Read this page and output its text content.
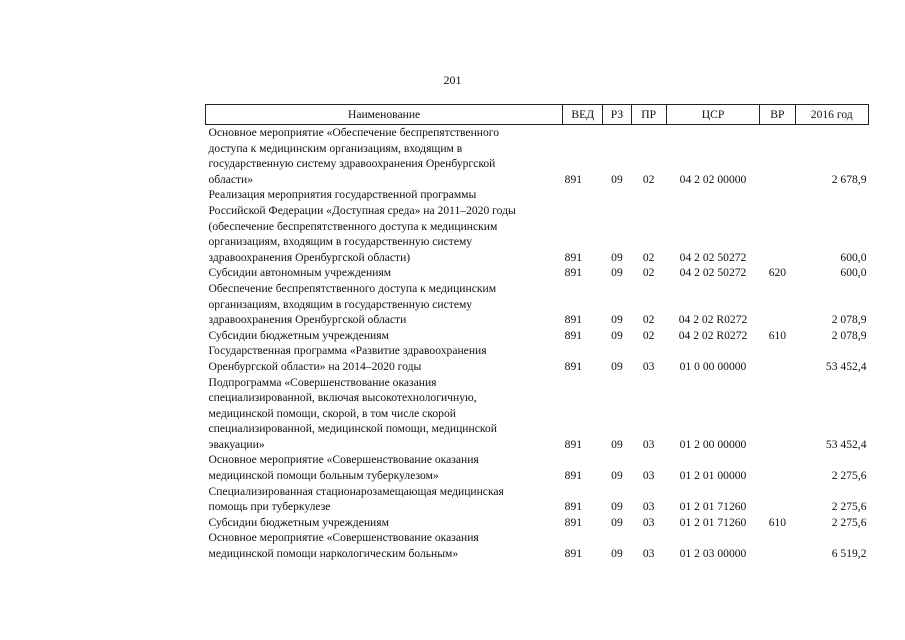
201
Наименование	ВЕД	РЗ	ПР	ЦСР	ВР	2016 год

Основное мероприятие «Обеспечение беспрепятственного
доступа к медицинским организациям, входящим в
государственную систему здравоохранения Оренбургской
области»	891	09	02	04 2 02 00000		2 678,9

Реализация мероприятия государственной программы
Российской Федерации «Доступная среда» на 2011–2020 годы
(обеспечение беспрепятственного доступа к медицинским
организациям, входящим в государственную систему
здравоохранения Оренбургской области)	891	09	02	04 2 02 50272		600,0

Субсидии автономным учреждениям	891	09	02	04 2 02 50272	620	600,0

Обеспечение беспрепятственного доступа к медицинским
организациям, входящим в государственную систему
здравоохранения Оренбургской области	891	09	02	04 2 02 R0272		2 078,9

Субсидии бюджетным учреждениям	891	09	02	04 2 02 R0272	610	2 078,9

Государственная программа «Развитие здравоохранения
Оренбургской области» на 2014–2020 годы	891	09	03	01 0 00 00000		53 452,4

Подпрограмма «Совершенствование оказания
специализированной, включая высокотехнологичную,
медицинской помощи, скорой, в том числе скорой
специализированной, медицинской помощи, медицинской
эвакуации»	891	09	03	01 2 00 00000		53 452,4

Основное мероприятие «Совершенствование оказания
медицинской помощи больным туберкулезом»	891	09	03	01 2 01 00000		2 275,6

Специализированная стационарозамещающая медицинская
помощь при туберкулезе	891	09	03	01 2 01 71260		2 275,6

Субсидии бюджетным учреждениям	891	09	03	01 2 01 71260	610	2 275,6

Основное мероприятие «Совершенствование оказания
медицинской помощи наркологическим больным»	891	09	03	01 2 03 00000		6 519,2
